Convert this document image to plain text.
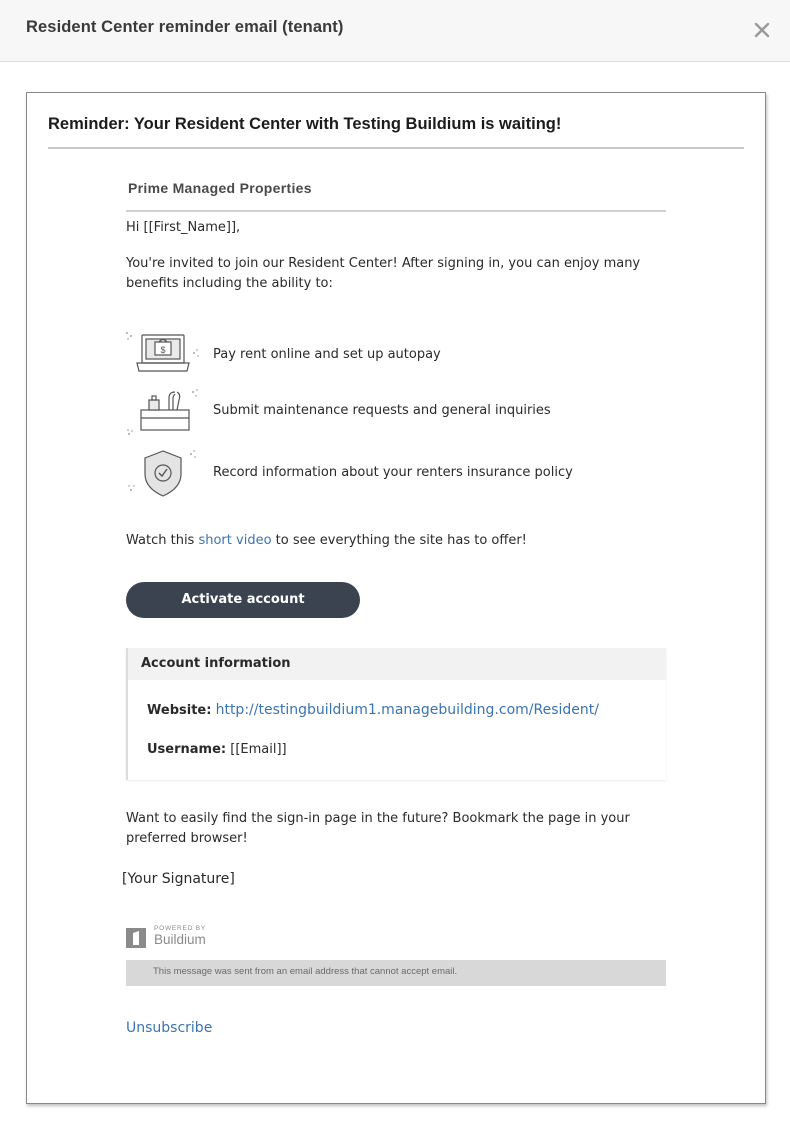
Resident Center reminder email (tenant)
Reminder: Your Resident Center with Testing Buildium is waiting!
Prime Managed Properties
Hi [[First_Name]],
You're invited to join our Resident Center! After signing in, you can enjoy many benefits including the ability to:
$	Pay rent online and set up autopay
Submit maintenance requests and general inquiries
Record information about your renters insurance policy
Watch this short video to see everything the site has to offer!
Activate account
Account information
Website: http://testingbuildium1.managebuilding.com/Resident/
Username: [[Email]]
Want to easily find the sign-in page in the future? Bookmark the page in your preferred browser!
[Your Signature]
POWERED BY
Buildium
This message was sent from an email address that cannot accept email.
Unsubscribe
